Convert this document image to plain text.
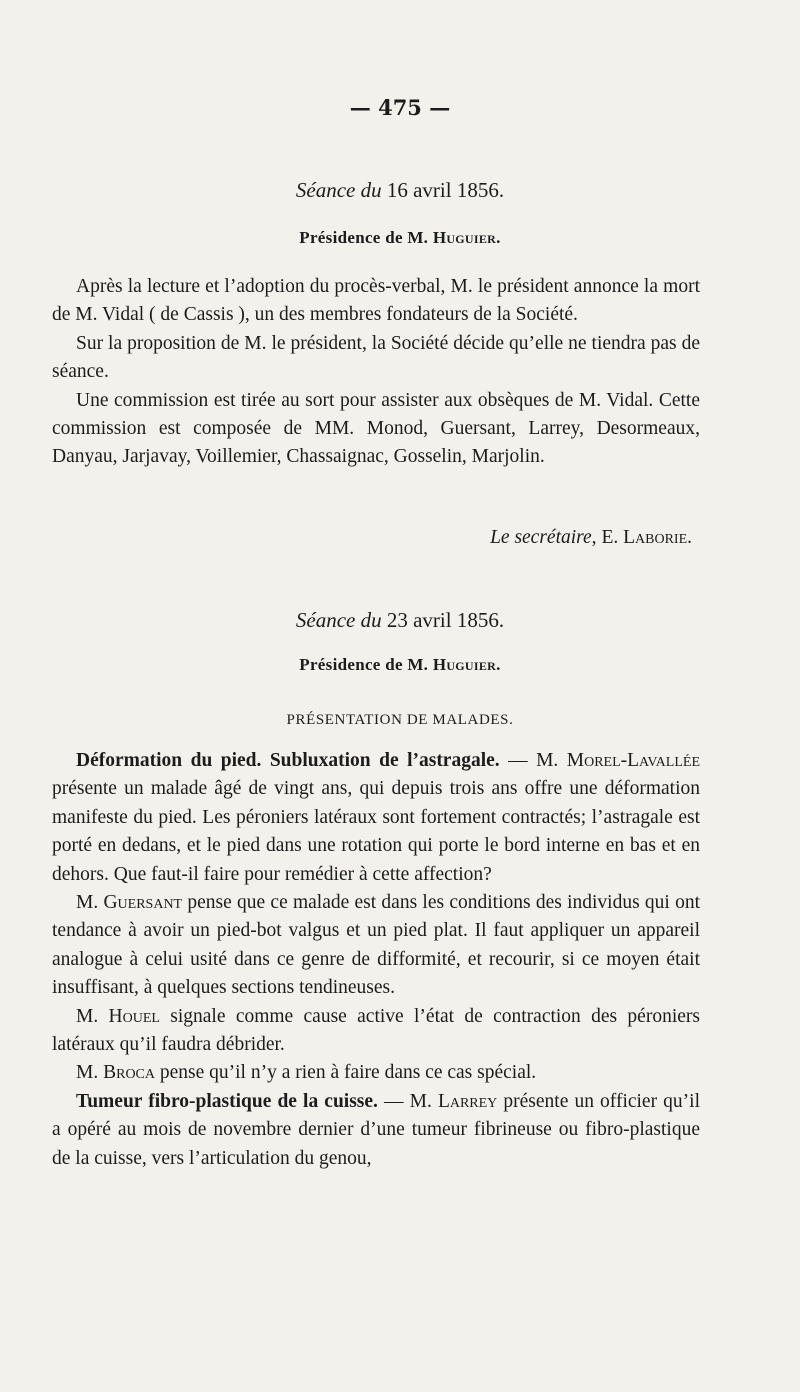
— 475 —
Séance du 16 avril 1856.
Présidence de M. Huguier.

Après la lecture et l’adoption du procès-verbal, M. le président annonce la mort de M. Vidal ( de Cassis ), un des membres fondateurs de la Société.

Sur la proposition de M. le président, la Société décide qu’elle ne tiendra pas de séance.

Une commission est tirée au sort pour assister aux obsèques de M. Vidal. Cette commission est composée de MM. Monod, Guersant, Larrey, Desormeaux, Danyau, Jarjavay, Voillemier, Chassaignac, Gosselin, Marjolin.

Le secrétaire, E. Laborie.
Séance du 23 avril 1856.
Présidence de M. Huguier.
PRÉSENTATION DE MALADES.

Déformation du pied. Subluxation de l’astragale. — M. Morel-Lavallée présente un malade âgé de vingt ans, qui depuis trois ans offre une déformation manifeste du pied. Les péroniers latéraux sont fortement contractés; l’astragale est porté en dedans, et le pied dans une rotation qui porte le bord interne en bas et en dehors. Que faut-il faire pour remédier à cette affection?

M. Guersant pense que ce malade est dans les conditions des individus qui ont tendance à avoir un pied-bot valgus et un pied plat. Il faut appliquer un appareil analogue à celui usité dans ce genre de difformité, et recourir, si ce moyen était insuffisant, à quelques sections tendineuses.

M. Houel signale comme cause active l’état de contraction des péroniers latéraux qu’il faudra débrider.

M. Broca pense qu’il n’y a rien à faire dans ce cas spécial.

Tumeur fibro-plastique de la cuisse. — M. Larrey présente un officier qu’il a opéré au mois de novembre dernier d’une tumeur fibrineuse ou fibro-plastique de la cuisse, vers l’articulation du genou,
